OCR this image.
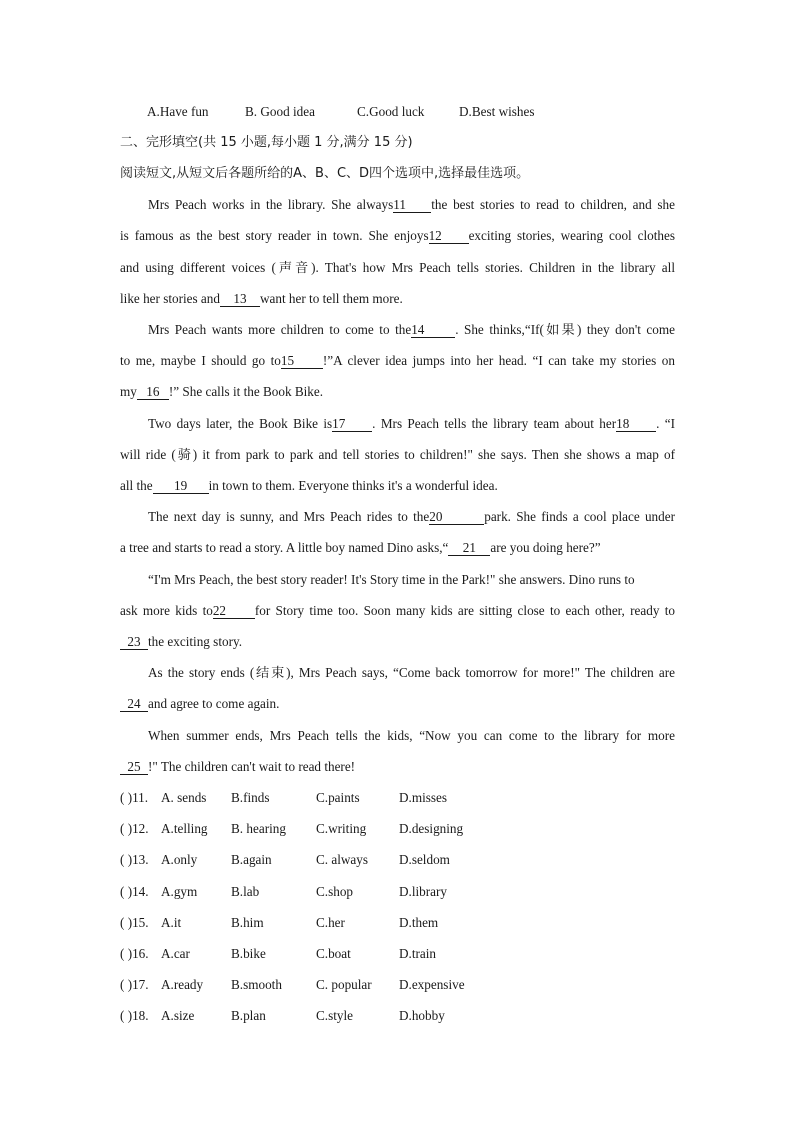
A.Have fun	B. Good idea	C.Good luck	D.Best wishes
二、完形填空(共 15 小题,每小题 1 分,满分 15 分)
阅读短文,从短文后各题所给的A、B、C、D四个选项中,选择最佳选项。
Mrs Peach works in the library. She always11 the best stories to read to children, and she
is famous as the best story reader in town. She enjoys12 exciting stories, wearing cool clothes
and using different voices (声音). That's how Mrs Peach tells stories. Children in the library all
like her stories and 13 want her to tell them more.
Mrs Peach wants more children to come to the14 . She thinks,“If(如果) they don't come
to me, maybe I should go to15 !”A clever idea jumps into her head. “I can take my stories on
my 16 !” She calls it the Book Bike.
Two days later, the Book Bike is17 . Mrs Peach tells the library team about her18 . “I
will ride (骑) it from park to park and tell stories to children!" she says. Then she shows a map of
all the 19 in town to them. Everyone thinks it's a wonderful idea.
The next day is sunny, and Mrs Peach rides to the20	park. She finds a cool place under
a tree and starts to read a story. A little boy named Dino asks,“ 21 are you doing here?”
“I'm Mrs Peach, the best story reader! It's Story time in the Park!" she answers. Dino runs to
ask more kids to22 for Story time too. Soon many kids are sitting close to each other, ready to
23 the exciting story.
As the story ends (结束), Mrs Peach says, “Come back tomorrow for more!" The children are
24 and agree to come again.
When summer ends, Mrs Peach tells the kids, “Now you can come to the library for more
25 !" The children can't wait to read there!
( )11. A. sends B.finds	C.paints	D.misses
( )12. A.telling B. hearing C.writing D.designing
( )13. A.only	B.again	C. always D.seldom
( )14. A.gym	B.lab	C.shop	D.library
( )15. A.it	B.him	C.her	D.them
( )16. A.car	B.bike	C.boat	D.train
( )17. A.ready B.smooth	C. popular D.expensive
( )18. A.size	B.plan	C.style	D.hobby
